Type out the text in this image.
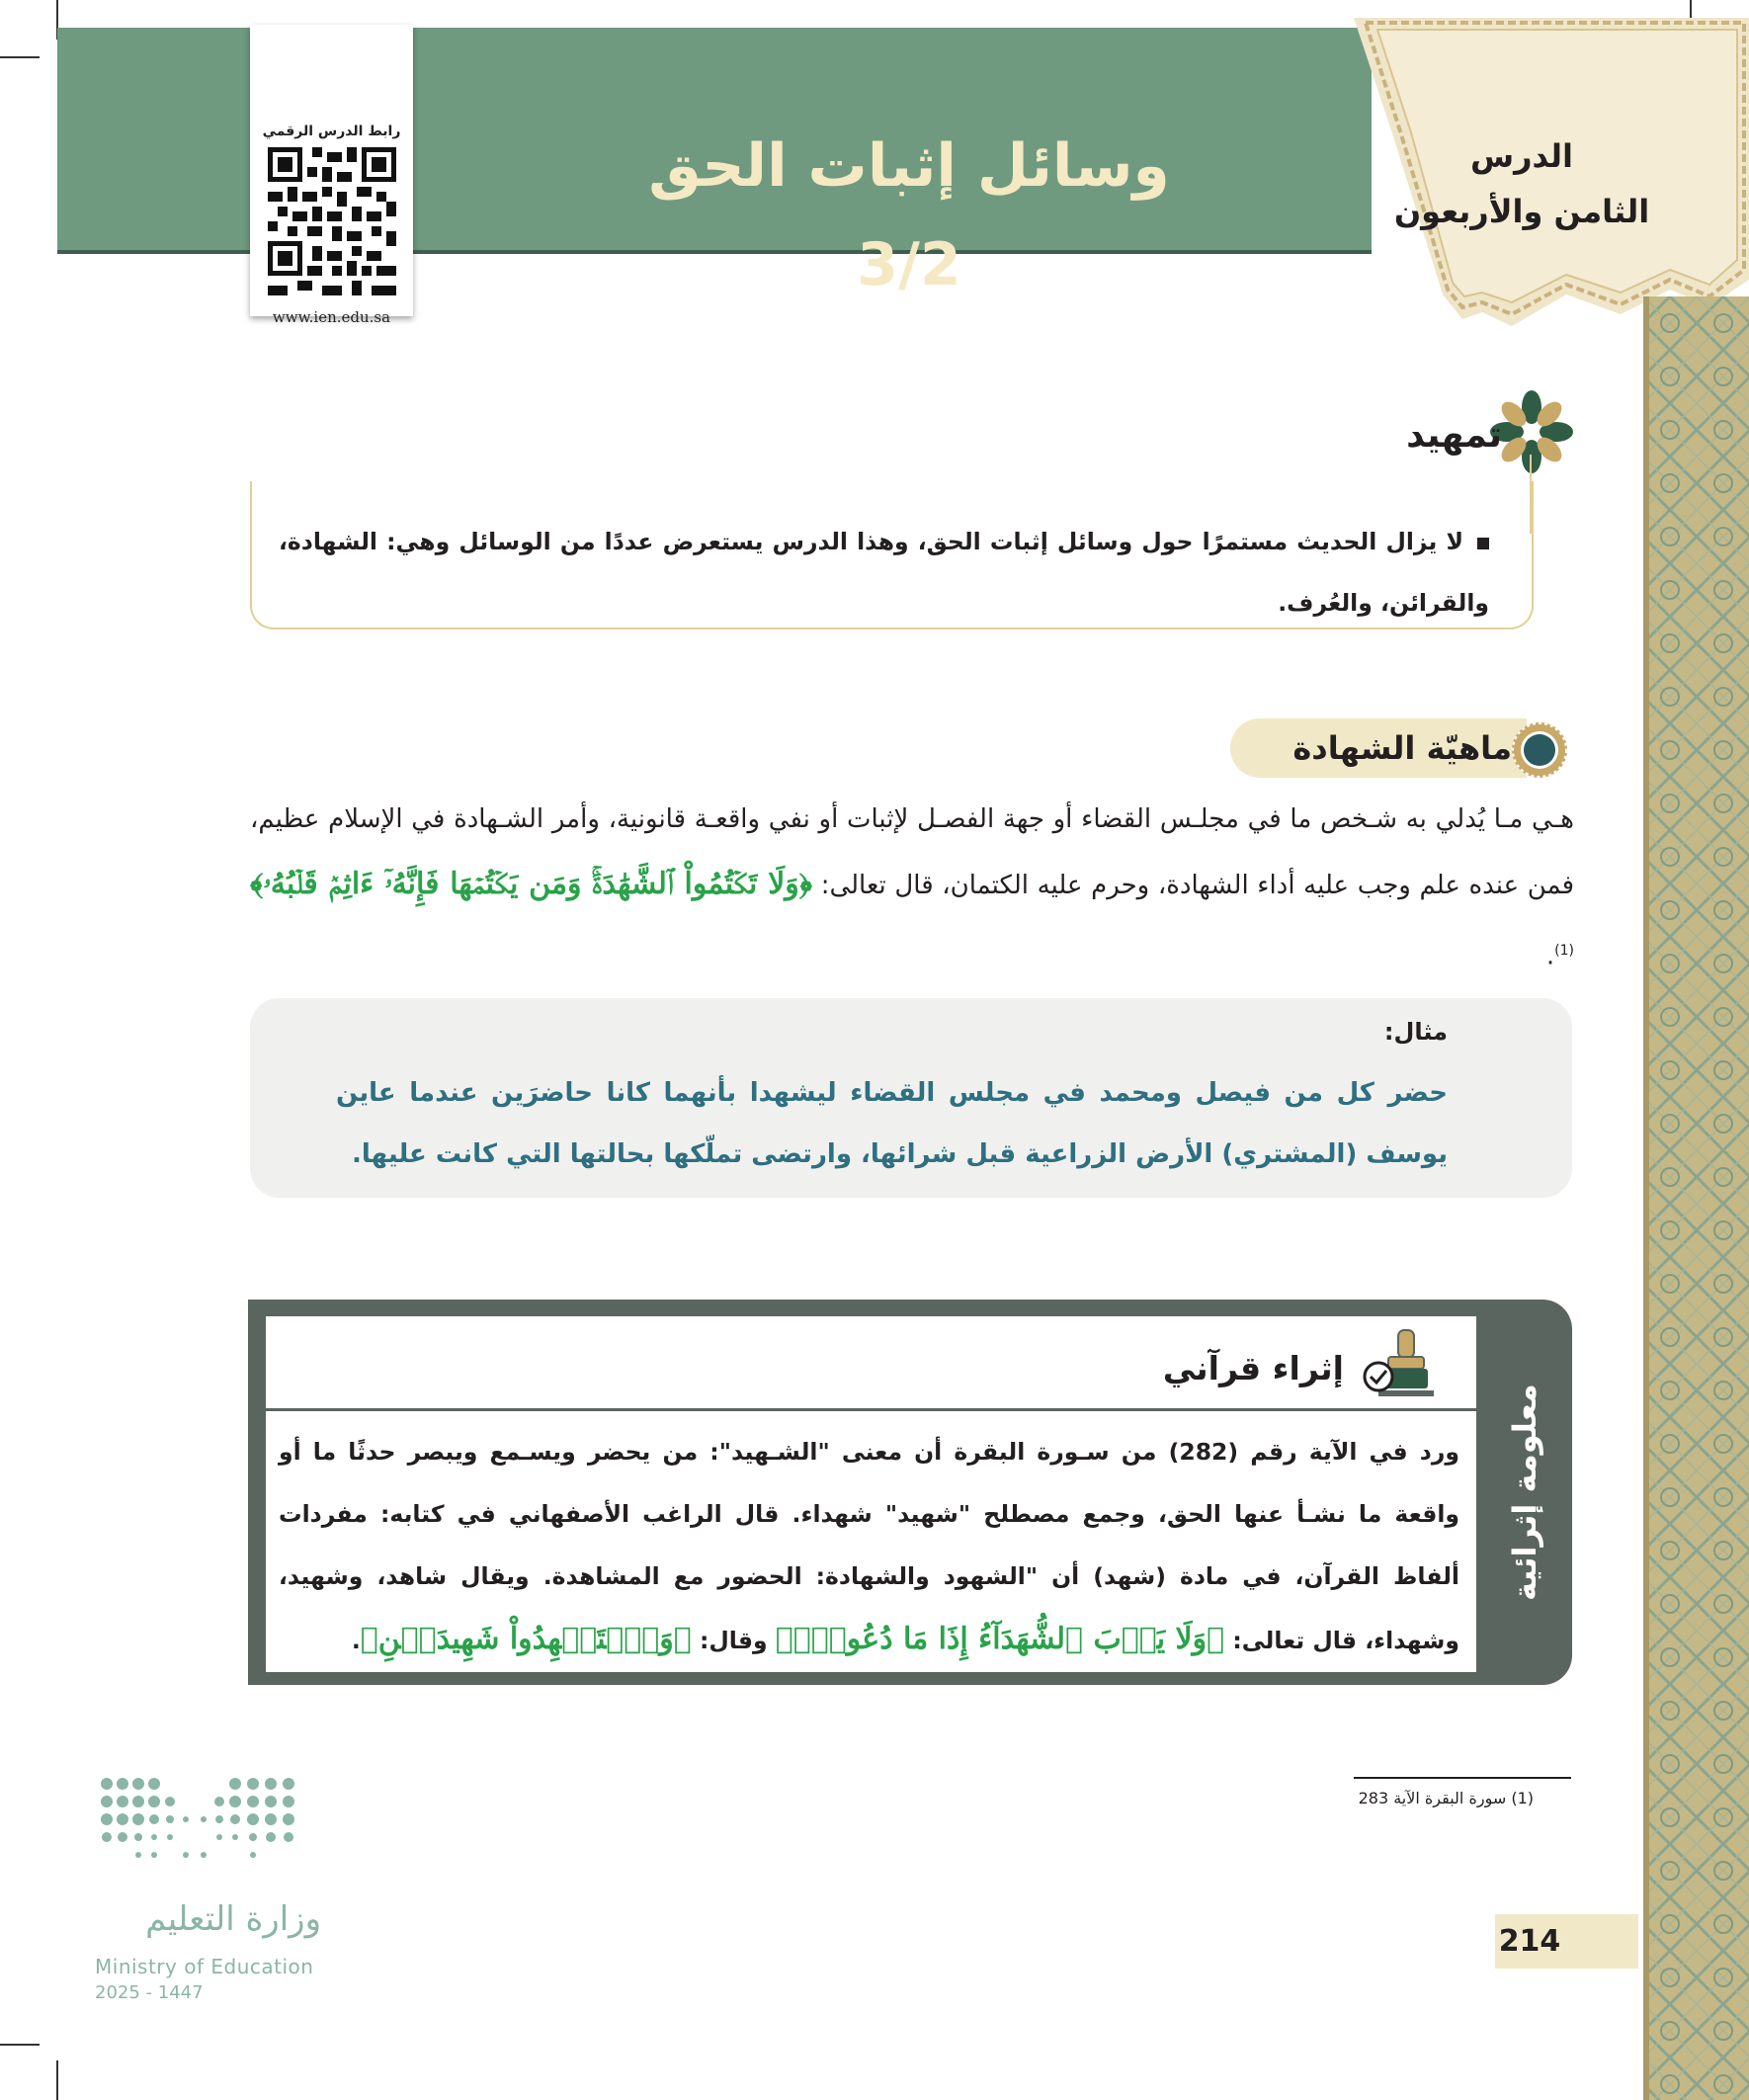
وسائل إثبات الحق 3/2
رابط الدرس الرقمي
www.ien.edu.sa
الدرس
الثامن والأربعون
تمهيد
لا يزال الحديث مستمرًا حول وسائل إثبات الحق، وهذا الدرس يستعرض عددًا من الوسائل وهي: الشهادة، والقرائن، والعُرف.
ماهيّة الشهادة
هـي مـا يُدلي به شـخص ما في مجلـس القضاء أو جهة الفصـل لإثبات أو نفي واقعـة قانونية، وأمر الشـهادة في الإسلام عظيم، فمن عنده علم وجب عليه أداء الشهادة، وحرم عليه الكتمان، قال تعالى: ﴿وَلَا تَكۡتُمُواْ ٱلشَّهَٰدَةَۚ وَمَن يَكۡتُمۡهَا فَإِنَّهُۥٓ ءَاثِمٞ قَلۡبُهُۥ﴾$^{(1)}$.
مثال:
حضر كل من فيصل ومحمد في مجلس القضاء ليشهدا بأنهما كانا حاضرَين عندما عاين يوسف (المشتري) الأرض الزراعية قبل شرائها، وارتضى تملّكها بحالتها التي كانت عليها.
معلومة إثرائية
إثراء قرآني
ورد في الآية رقم (282) من سـورة البقرة أن معنى "الشـهيد": من يحضر ويسـمع ويبصر حدثًا ما أو واقعة ما نشـأ عنها الحق، وجمع مصطلح "شهيد" شهداء. قال الراغب الأصفهاني في كتابه: مفردات ألفاظ القرآن، في مادة (شهد) أن "الشهود والشهادة: الحضور مع المشاهدة. ويقال شاهد، وشهيد، وشهداء، قال تعالى: ﴿وَلَا يَأۡبَ ٱلشُّهَدَآءُ إِذَا مَا دُعُواْۚ﴾ وقال: ﴿وَٱسۡتَشۡهِدُواْ شَهِيدَيۡنِ﴾.
(1) سورة البقرة الآية 283
وزارة التعليم
Ministry of Education
2025 - 1447
214
